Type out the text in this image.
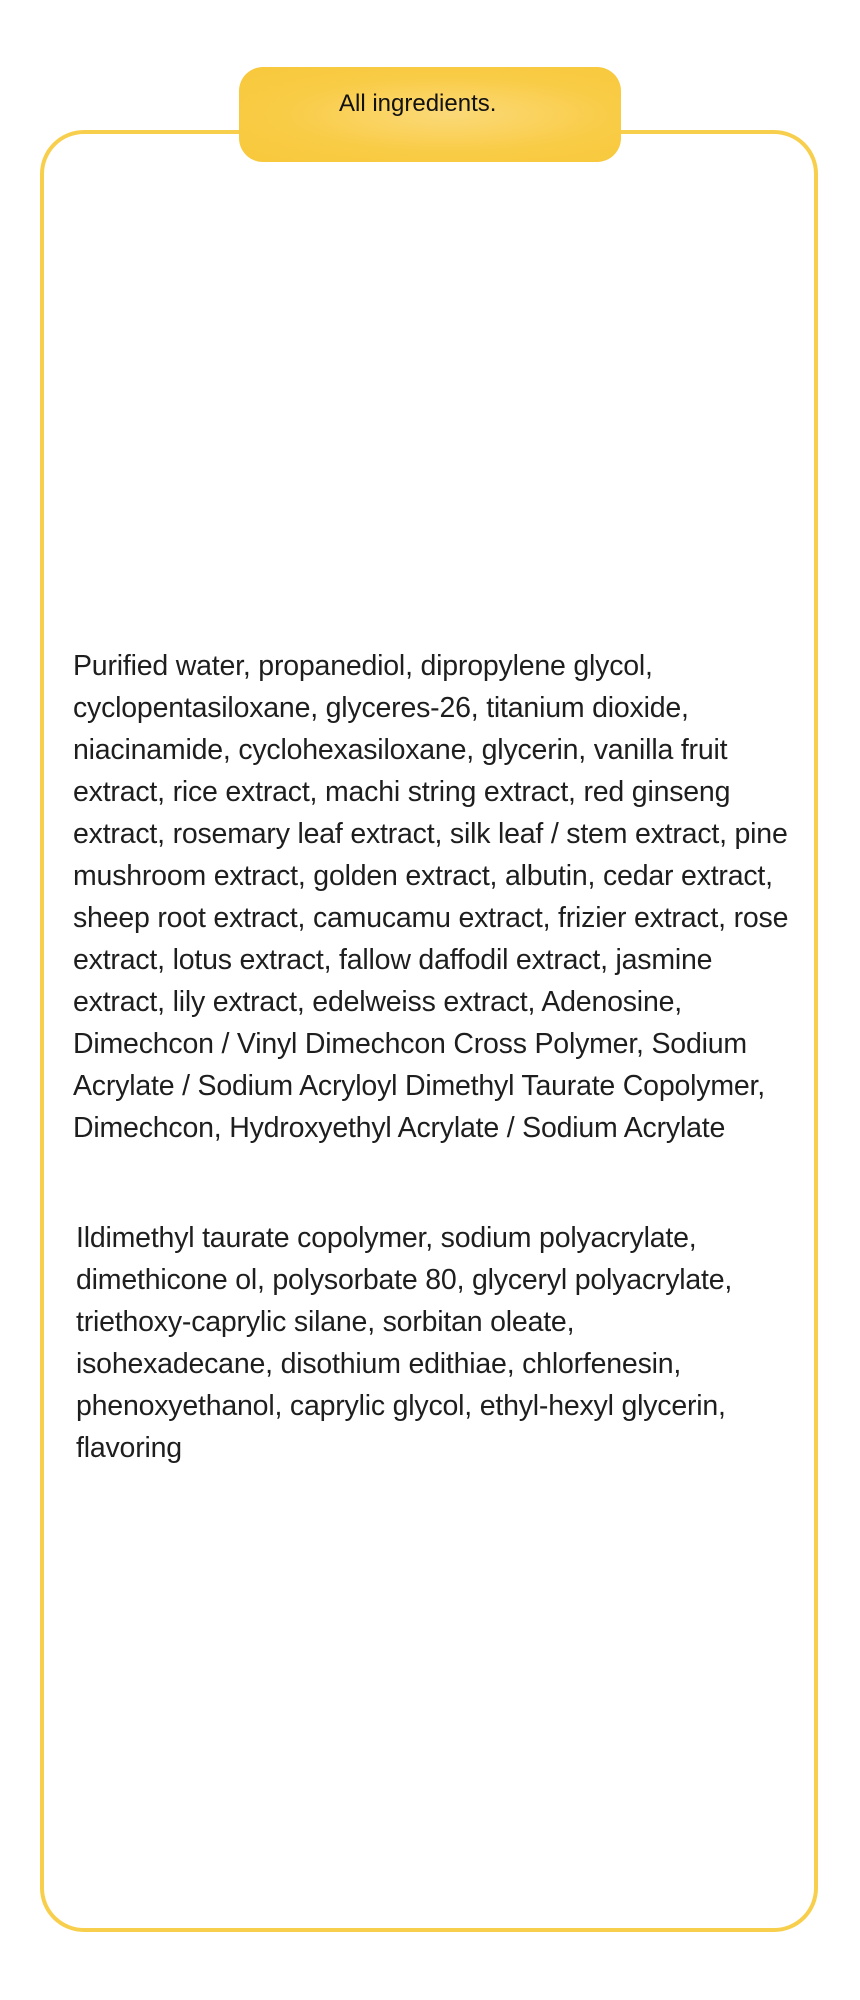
All ingredients.

Purified water, propanediol, dipropylene glycol, cyclopentasiloxane, glyceres-26, titanium dioxide, niacinamide, cyclohexasiloxane, glycerin, vanilla fruit extract, rice extract, machi string extract, red ginseng extract, rosemary leaf extract, silk leaf / stem extract, pine mushroom extract, golden extract, albutin, cedar extract, sheep root extract, camucamu extract, frizier extract, rose extract, lotus extract, fallow daffodil extract, jasmine extract, lily extract, edelweiss extract, Adenosine, Dimechcon / Vinyl Dimechcon Cross Polymer, Sodium Acrylate / Sodium Acryloyl Dimethyl Taurate Copolymer, Dimechcon, Hydroxyethyl Acrylate / Sodium Acrylate

Ildimethyl taurate copolymer, sodium polyacrylate, dimethicone ol, polysorbate 80, glyceryl polyacrylate, triethoxy-caprylic silane, sorbitan oleate, isohexadecane, disothium edithiae, chlorfenesin, phenoxyethanol, caprylic glycol, ethyl-hexyl glycerin, flavoring
